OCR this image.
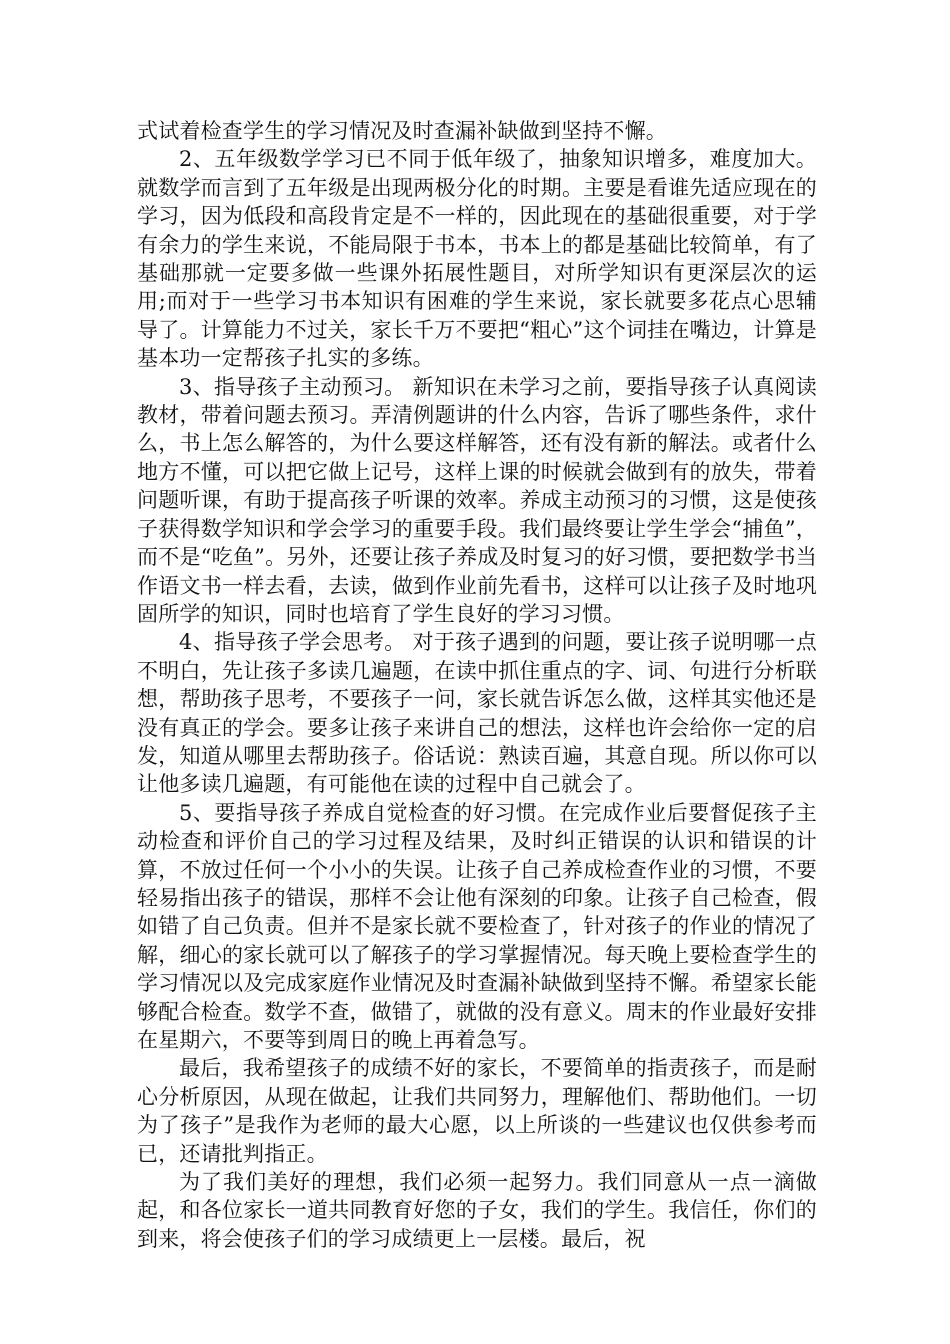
式试着检查学生的学习情况及时查漏补缺做到坚持不懈。

2、五年级数学学习已不同于低年级了，抽象知识增多，难度加大。就数学而言到了五年级是出现两极分化的时期。主要是看谁先适应现在的学习，因为低段和高段肯定是不一样的，因此现在的基础很重要，对于学有余力的学生来说，不能局限于书本，书本上的都是基础比较简单，有了基础那就一定要多做一些课外拓展性题目，对所学知识有更深层次的运用;而对于一些学习书本知识有困难的学生来说，家长就要多花点心思辅导了。计算能力不过关，家长千万不要把“粗心”这个词挂在嘴边，计算是基本功一定帮孩子扎实的多练。

3、指导孩子主动预习。 新知识在未学习之前，要指导孩子认真阅读教材，带着问题去预习。弄清例题讲的什么内容，告诉了哪些条件，求什么，书上怎么解答的，为什么要这样解答，还有没有新的解法。或者什么地方不懂，可以把它做上记号，这样上课的时候就会做到有的放失，带着问题听课，有助于提高孩子听课的效率。养成主动预习的习惯，这是使孩子获得数学知识和学会学习的重要手段。我们最终要让学生学会“捕鱼”，而不是“吃鱼”。另外，还要让孩子养成及时复习的好习惯，要把数学书当作语文书一样去看，去读，做到作业前先看书，这样可以让孩子及时地巩固所学的知识，同时也培育了学生良好的学习习惯。

4、指导孩子学会思考。 对于孩子遇到的问题，要让孩子说明哪一点不明白，先让孩子多读几遍题，在读中抓住重点的字、词、句进行分析联想，帮助孩子思考，不要孩子一问，家长就告诉怎么做，这样其实他还是没有真正的学会。要多让孩子来讲自己的想法，这样也许会给你一定的启发，知道从哪里去帮助孩子。俗话说：熟读百遍，其意自现。所以你可以让他多读几遍题，有可能他在读的过程中自己就会了。

5、要指导孩子养成自觉检查的好习惯。在完成作业后要督促孩子主动检查和评价自己的学习过程及结果，及时纠正错误的认识和错误的计算，不放过任何一个小小的失误。让孩子自己养成检查作业的习惯，不要轻易指出孩子的错误，那样不会让他有深刻的印象。让孩子自己检查，假如错了自己负责。但并不是家长就不要检查了，针对孩子的作业的情况了解，细心的家长就可以了解孩子的学习掌握情况。每天晚上要检查学生的学习情况以及完成家庭作业情况及时查漏补缺做到坚持不懈。希望家长能够配合检查。数学不查，做错了，就做的没有意义。周末的作业最好安排在星期六，不要等到周日的晚上再着急写。

最后，我希望孩子的成绩不好的家长，不要简单的指责孩子，而是耐心分析原因，从现在做起，让我们共同努力，理解他们、帮助他们。一切为了孩子”是我作为老师的最大心愿，以上所谈的一些建议也仅供参考而已，还请批判指正。

为了我们美好的理想，我们必须一起努力。我们同意从一点一滴做起，和各位家长一道共同教育好您的子女，我们的学生。我信任，你们的到来，将会使孩子们的学习成绩更上一层楼。最后，祝
